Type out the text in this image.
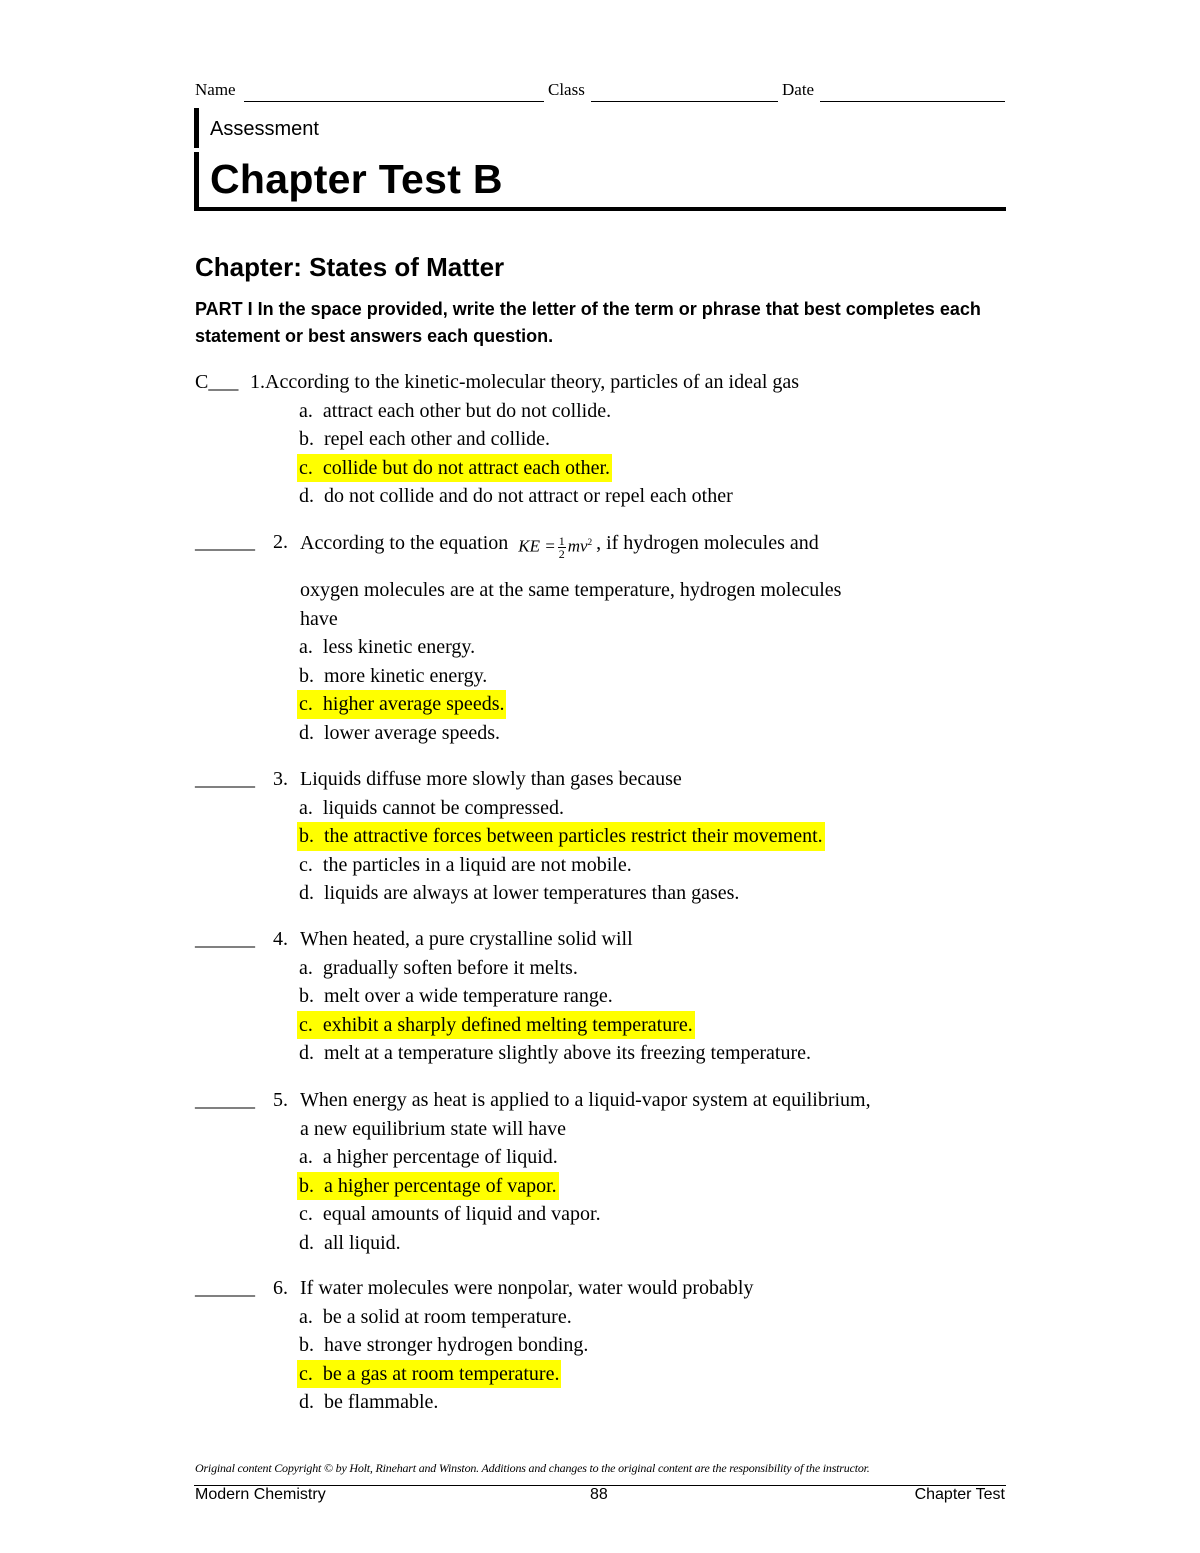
Name	Class	Date
Assessment
Chapter Test B
Chapter: States of Matter
PART I In the space provided, write the letter of the term or phrase that best completes each statement or best answers each question.
C___ 1. According to the kinetic-molecular theory, particles of an ideal gas
a. attract each other but do not collide.
b. repel each other and collide.
c. collide but do not attract each other.
d. do not collide and do not attract or repel each other
______ 2. According to the equation KE = $\frac{1}{2} mv^2$ , if hydrogen molecules and
oxygen molecules are at the same temperature, hydrogen molecules
have
a. less kinetic energy.
b. more kinetic energy.
c. higher average speeds.
d. lower average speeds.
______ 3. Liquids diffuse more slowly than gases because
a. liquids cannot be compressed.
b. the attractive forces between particles restrict their movement.
c. the particles in a liquid are not mobile.
d. liquids are always at lower temperatures than gases.
______ 4. When heated, a pure crystalline solid will
a. gradually soften before it melts.
b. melt over a wide temperature range.
c. exhibit a sharply defined melting temperature.
d. melt at a temperature slightly above its freezing temperature.
______ 5. When energy as heat is applied to a liquid-vapor system at equilibrium,
a new equilibrium state will have
a. a higher percentage of liquid.
b. a higher percentage of vapor.
c. equal amounts of liquid and vapor.
d. all liquid.
______ 6. If water molecules were nonpolar, water would probably
a. be a solid at room temperature.
b. have stronger hydrogen bonding.
c. be a gas at room temperature.
d. be flammable.
Original content Copyright © by Holt, Rinehart and Winston. Additions and changes to the original content are the responsibility of the instructor.
Modern Chemistry	88	Chapter Test
